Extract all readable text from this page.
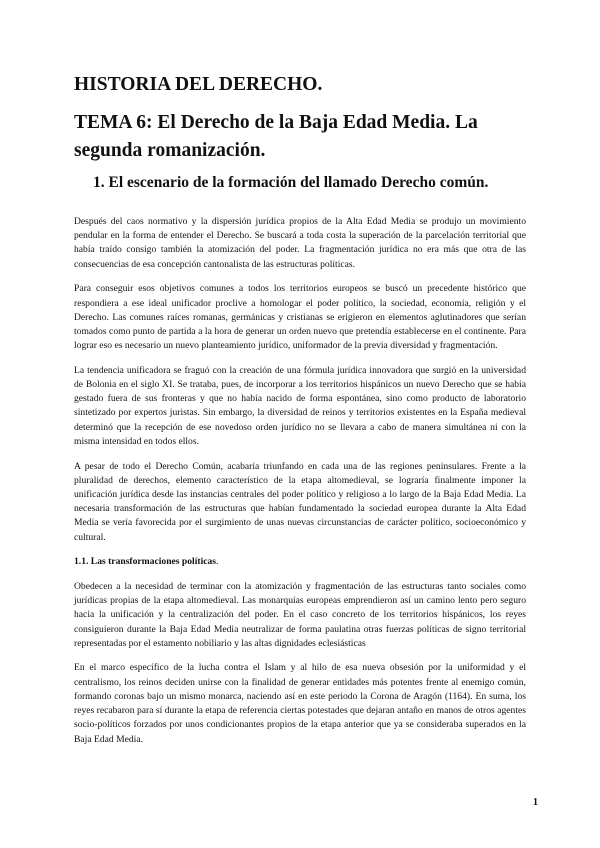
HISTORIA DEL DERECHO.
TEMA 6: El Derecho de la Baja Edad Media. La segunda romanización.
1. El escenario de la formación del llamado Derecho común.

Después del caos normativo y la dispersión jurídica propios de la Alta Edad Media se produjo un movimiento pendular en la forma de entender el Derecho. Se buscará a toda costa la superación de la parcelación territorial que había traído consigo también la atomización del poder. La fragmentación jurídica no era más que otra de las consecuencias de esa concepción cantonalista de las estructuras políticas.

Para conseguir esos objetivos comunes a todos los territorios europeos se buscó un precedente histórico que respondiera a ese ideal unificador proclive a homologar el poder político, la sociedad, economía, religión y el Derecho. Las comunes raíces romanas, germánicas y cristianas se erigieron en elementos aglutinadores que serían tomados como punto de partida a la hora de generar un orden nuevo que pretendía establecerse en el continente. Para lograr eso es necesario un nuevo planteamiento jurídico, uniformador de la previa diversidad y fragmentación.

La tendencia unificadora se fraguó con la creación de una fórmula jurídica innovadora que surgió en la universidad de Bolonia en el siglo XI. Se trataba, pues, de incorporar a los territorios hispánicos un nuevo Derecho que se había gestado fuera de sus fronteras y que no había nacido de forma espontánea, sino como producto de laboratorio sintetizado por expertos juristas. Sin embargo, la diversidad de reinos y territorios existentes en la España medieval determinó que la recepción de ese novedoso orden jurídico no se llevara a cabo de manera simultánea ni con la misma intensidad en todos ellos.

A pesar de todo el Derecho Común, acabaría triunfando en cada una de las regiones peninsulares. Frente a la pluralidad de derechos, elemento característico de la etapa altomedieval, se lograría finalmente imponer la unificación jurídica desde las instancias centrales del poder político y religioso a lo largo de la Baja Edad Media. La necesaria transformación de las estructuras que habían fundamentado la sociedad europea durante la Alta Edad Media se vería favorecida por el surgimiento de unas nuevas circunstancias de carácter político, socioeconómico y cultural.

1.1. Las transformaciones políticas.

Obedecen a la necesidad de terminar con la atomización y fragmentación de las estructuras tanto sociales como jurídicas propias de la etapa altomedieval. Las monarquías europeas emprendieron así un camino lento pero seguro hacia la unificación y la centralización del poder. En el caso concreto de los territorios hispánicos, los reyes consiguieron durante la Baja Edad Media neutralizar de forma paulatina otras fuerzas políticas de signo territorial representadas por el estamento nobiliario y las altas dignidades eclesiásticas

En el marco específico de la lucha contra el Islam y al hilo de esa nueva obsesión por la uniformidad y el centralismo, los reinos deciden unirse con la finalidad de generar entidades más potentes frente al enemigo común, formando coronas bajo un mismo monarca, naciendo así en este periodo la Corona de Aragón (1164). En suma, los reyes recabaron para sí durante la etapa de referencia ciertas potestades que dejaran antaño en manos de otros agentes socio-políticos forzados por unos condicionantes propios de la etapa anterior que ya se consideraba superados en la Baja Edad Media.

1
